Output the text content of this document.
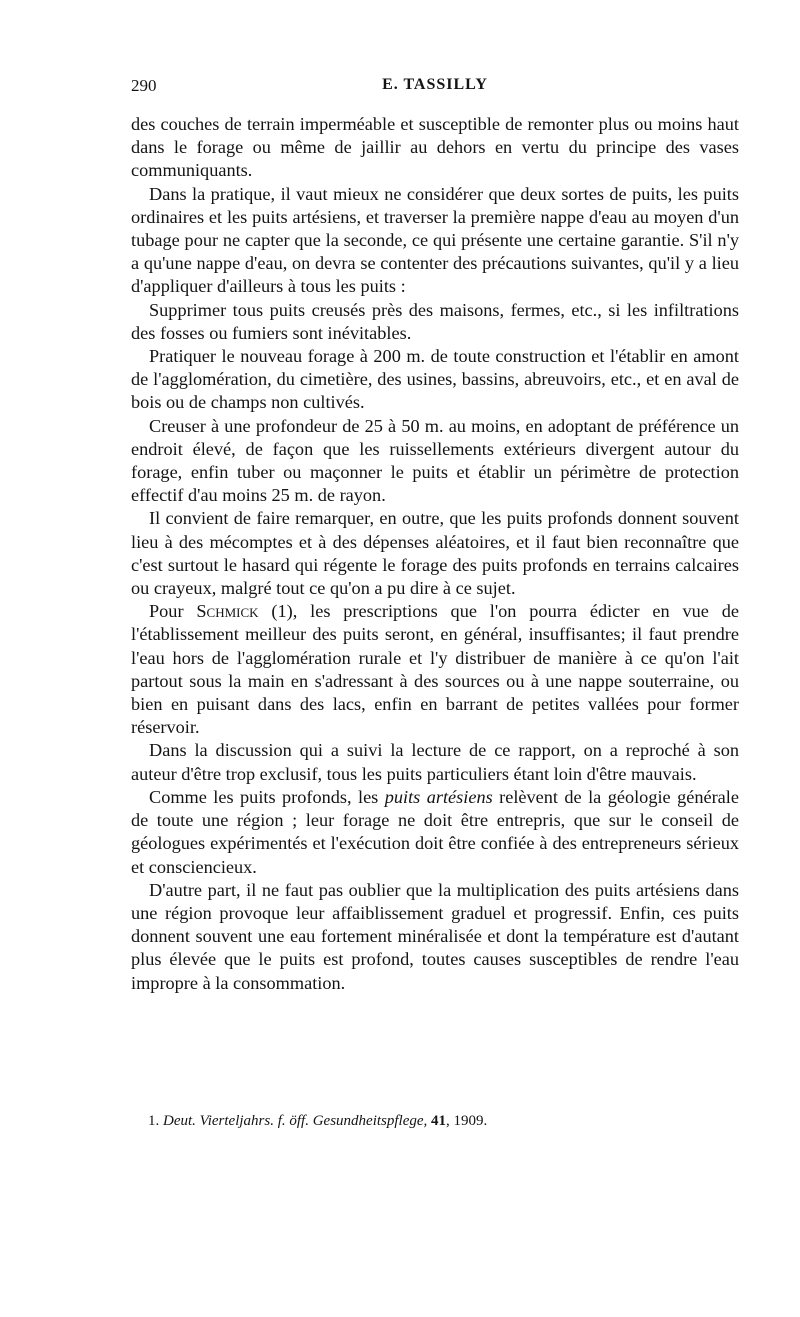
290	E. TASSILLY

des couches de terrain imperméable et susceptible de remonter plus ou moins haut dans le forage ou même de jaillir au dehors en vertu du principe des vases communiquants.

Dans la pratique, il vaut mieux ne considérer que deux sortes de puits, les puits ordinaires et les puits artésiens, et traverser la première nappe d'eau au moyen d'un tubage pour ne capter que la seconde, ce qui présente une certaine garantie. S'il n'y a qu'une nappe d'eau, on devra se contenter des précautions suivantes, qu'il y a lieu d'appliquer d'ailleurs à tous les puits :

Supprimer tous puits creusés près des maisons, fermes, etc., si les infiltrations des fosses ou fumiers sont inévitables.

Pratiquer le nouveau forage à 200 m. de toute construction et l'établir en amont de l'agglomération, du cimetière, des usines, bassins, abreuvoirs, etc., et en aval de bois ou de champs non cultivés.

Creuser à une profondeur de 25 à 50 m. au moins, en adoptant de préférence un endroit élevé, de façon que les ruissellements extérieurs divergent autour du forage, enfin tuber ou maçonner le puits et établir un périmètre de protection effectif d'au moins 25 m. de rayon.

Il convient de faire remarquer, en outre, que les puits profonds donnent souvent lieu à des mécomptes et à des dépenses aléatoires, et il faut bien reconnaître que c'est surtout le hasard qui régente le forage des puits profonds en terrains calcaires ou crayeux, malgré tout ce qu'on a pu dire à ce sujet.

Pour Schmick (1), les prescriptions que l'on pourra édicter en vue de l'établissement meilleur des puits seront, en général, insuffisantes; il faut prendre l'eau hors de l'agglomération rurale et l'y distribuer de manière à ce qu'on l'ait partout sous la main en s'adressant à des sources ou à une nappe souterraine, ou bien en puisant dans des lacs, enfin en barrant de petites vallées pour former réservoir.

Dans la discussion qui a suivi la lecture de ce rapport, on a reproché à son auteur d'être trop exclusif, tous les puits particuliers étant loin d'être mauvais.

Comme les puits profonds, les puits artésiens relèvent de la géologie générale de toute une région ; leur forage ne doit être entrepris, que sur le conseil de géologues expérimentés et l'exécution doit être confiée à des entrepreneurs sérieux et consciencieux.

D'autre part, il ne faut pas oublier que la multiplication des puits artésiens dans une région provoque leur affaiblissement graduel et progressif. Enfin, ces puits donnent souvent une eau fortement minéralisée et dont la température est d'autant plus élevée que le puits est profond, toutes causes susceptibles de rendre l'eau impropre à la consommation.

1. Deut. Vierteljahrs. f. öff. Gesundheitspflege, 41, 1909.
